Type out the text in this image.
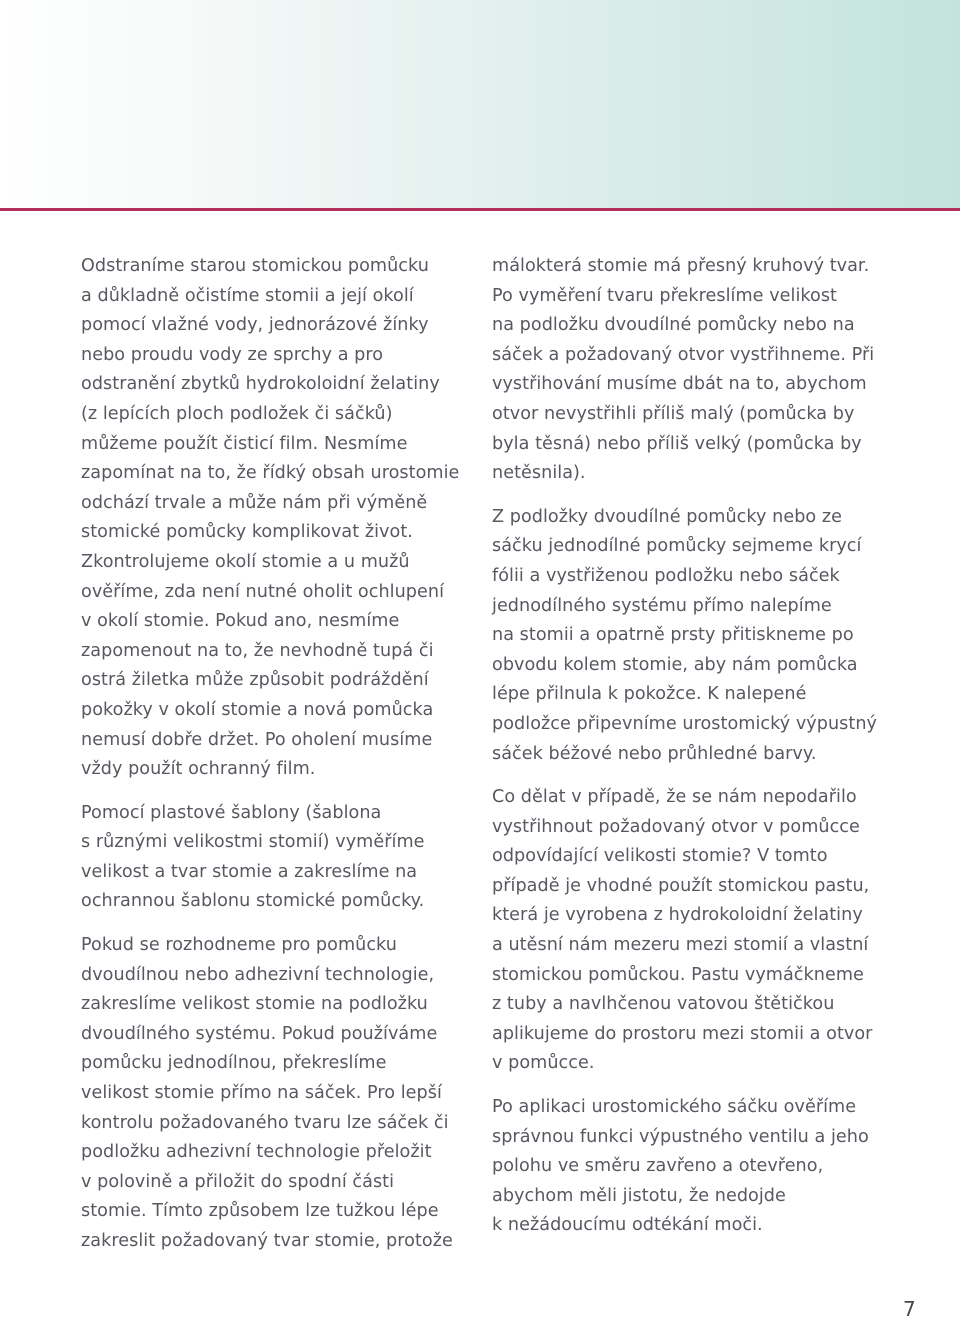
Odstraníme starou stomickou pomůcku
a důkladně očistíme stomii a její okolí
pomocí vlažné vody, jednorázové žínky
nebo proudu vody ze sprchy a pro
odstranění zbytků hydrokoloidní želatiny
(z lepících ploch podložek či sáčků)
můžeme použít čisticí film. Nesmíme
zapomínat na to, že řídký obsah urostomie
odchází trvale a může nám při výměně
stomické pomůcky komplikovat život.
Zkontrolujeme okolí stomie a u mužů
ověříme, zda není nutné oholit ochlupení
v okolí stomie. Pokud ano, nesmíme
zapomenout na to, že nevhodně tupá či
ostrá žiletka může způsobit podráždění
pokožky v okolí stomie a nová pomůcka
nemusí dobře držet. Po oholení musíme
vždy použít ochranný film.

Pomocí plastové šablony (šablona
s různými velikostmi stomií) vyměříme
velikost a tvar stomie a zakreslíme na
ochrannou šablonu stomické pomůcky.

Pokud se rozhodneme pro pomůcku
dvoudílnou nebo adhezivní technologie,
zakreslíme velikost stomie na podložku
dvoudílného systému. Pokud používáme
pomůcku jednodílnou, překreslíme
velikost stomie přímo na sáček. Pro lepší
kontrolu požadovaného tvaru lze sáček či
podložku adhezivní technologie přeložit
v polovině a přiložit do spodní části
stomie. Tímto způsobem lze tužkou lépe
zakreslit požadovaný tvar stomie, protože

málokterá stomie má přesný kruhový tvar.
Po vyměření tvaru překreslíme velikost
na podložku dvoudílné pomůcky nebo na
sáček a požadovaný otvor vystřihneme. Při
vystřihování musíme dbát na to, abychom
otvor nevystřihli příliš malý (pomůcka by
byla těsná) nebo příliš velký (pomůcka by
netěsnila).

Z podložky dvoudílné pomůcky nebo ze
sáčku jednodílné pomůcky sejmeme krycí
fólii a vystřiženou podložku nebo sáček
jednodílného systému přímo nalepíme
na stomii a opatrně prsty přitiskneme po
obvodu kolem stomie, aby nám pomůcka
lépe přilnula k pokožce. K nalepené
podložce připevníme urostomický výpustný
sáček béžové nebo průhledné barvy.

Co dělat v případě, že se nám nepodařilo
vystřihnout požadovaný otvor v pomůcce
odpovídající velikosti stomie? V tomto
případě je vhodné použít stomickou pastu,
která je vyrobena z hydrokoloidní želatiny
a utěsní nám mezeru mezi stomií a vlastní
stomickou pomůckou. Pastu vymáčkneme
z tuby a navlhčenou vatovou štětičkou
aplikujeme do prostoru mezi stomii a otvor
v pomůcce.

Po aplikaci urostomického sáčku ověříme
správnou funkci výpustného ventilu a jeho
polohu ve směru zavřeno a otevřeno,
abychom měli jistotu, že nedojde
k nežádoucímu odtékání moči.

7
